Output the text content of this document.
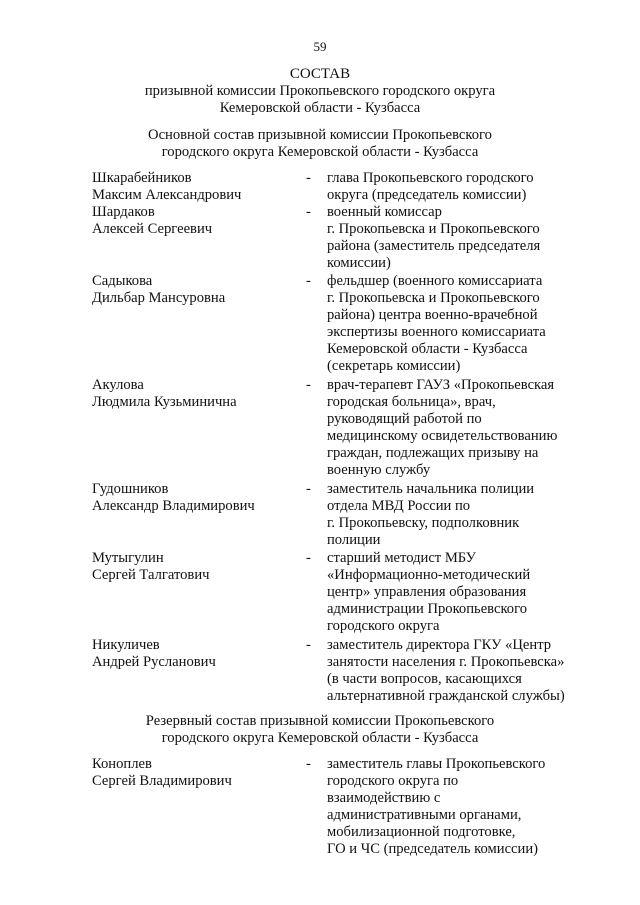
59
СОСТАВ
призывной комиссии Прокопьевского городского округа
Кемеровской области - Кузбасса
Основной состав призывной комиссии Прокопьевского
городского округа Кемеровской области - Кузбасса
Шкарабейников
Максим Александрович
-	глава Прокопьевского городского
округа (председатель комиссии)
Шардаков
Алексей Сергеевич
-	военный комиссар
г. Прокопьевска и Прокопьевского
района (заместитель председателя
комиссии)
Садыкова
Дильбар Мансуровна
-	фельдшер (военного комиссариата
г. Прокопьевска и Прокопьевского
района) центра военно-врачебной
экспертизы военного комиссариата
Кемеровской области - Кузбасса
(секретарь комиссии)
Акулова
Людмила Кузьминична
-	врач-терапевт ГАУЗ «Прокопьевская
городская больница», врач,
руководящий работой по
медицинскому освидетельствованию
граждан, подлежащих призыву на
военную службу
Гудошников
Александр Владимирович
-	заместитель начальника полиции
отдела МВД России по
г. Прокопьевску, подполковник
полиции
Мутыгулин
Сергей Талгатович
-	старший методист МБУ
«Информационно-методический
центр» управления образования
администрации Прокопьевского
городского округа
Никуличев
Андрей Русланович
-	заместитель директора ГКУ «Центр
занятости населения г. Прокопьевска»
(в части вопросов, касающихся
альтернативной гражданской службы)
Резервный состав призывной комиссии Прокопьевского
городского округа Кемеровской области - Кузбасса
Коноплев
Сергей Владимирович
-	заместитель главы Прокопьевского
городского округа по
взаимодействию с
административными органами,
мобилизационной подготовке,
ГО и ЧС (председатель комиссии)
